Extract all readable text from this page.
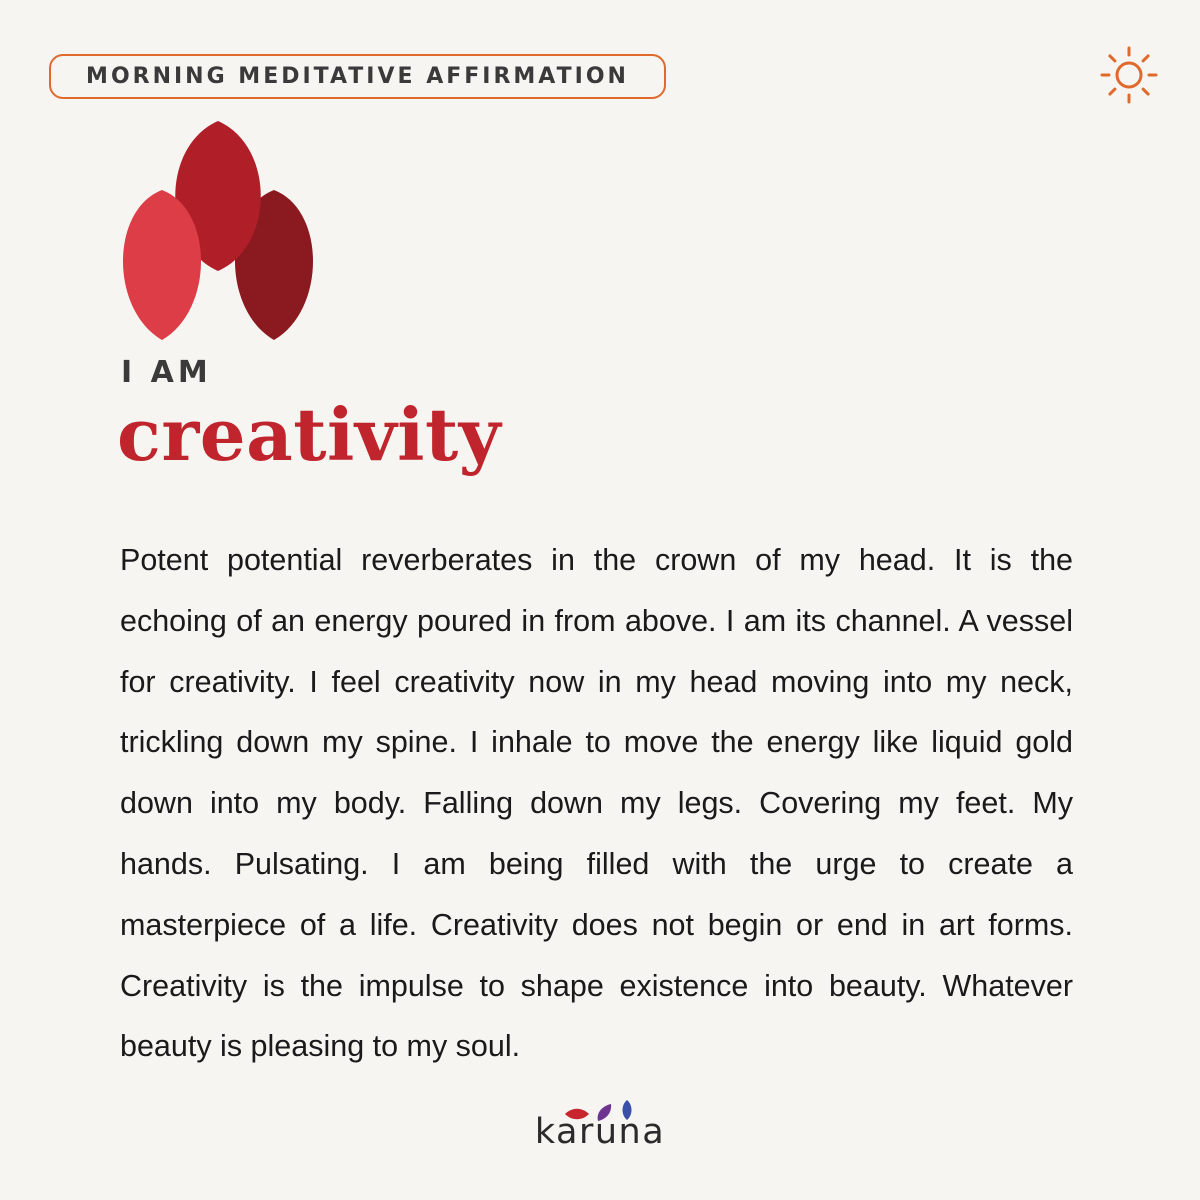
MORNING MEDITATIVE AFFIRMATION
I AM
creativity
Potent potential reverberates in the crown of my head. It is the echoing of an energy poured in from above. I am its channel. A vessel for creativity. I feel creativity now in my head moving into my neck, trickling down my spine. I inhale to move the energy like liquid gold down into my body. Falling down my legs. Covering my feet. My hands. Pulsating. I am being filled with the urge to create a masterpiece of a life. Creativity does not begin or end in art forms. Creativity is the impulse to shape existence into beauty. Whatever beauty is pleasing to my soul.
karuna
